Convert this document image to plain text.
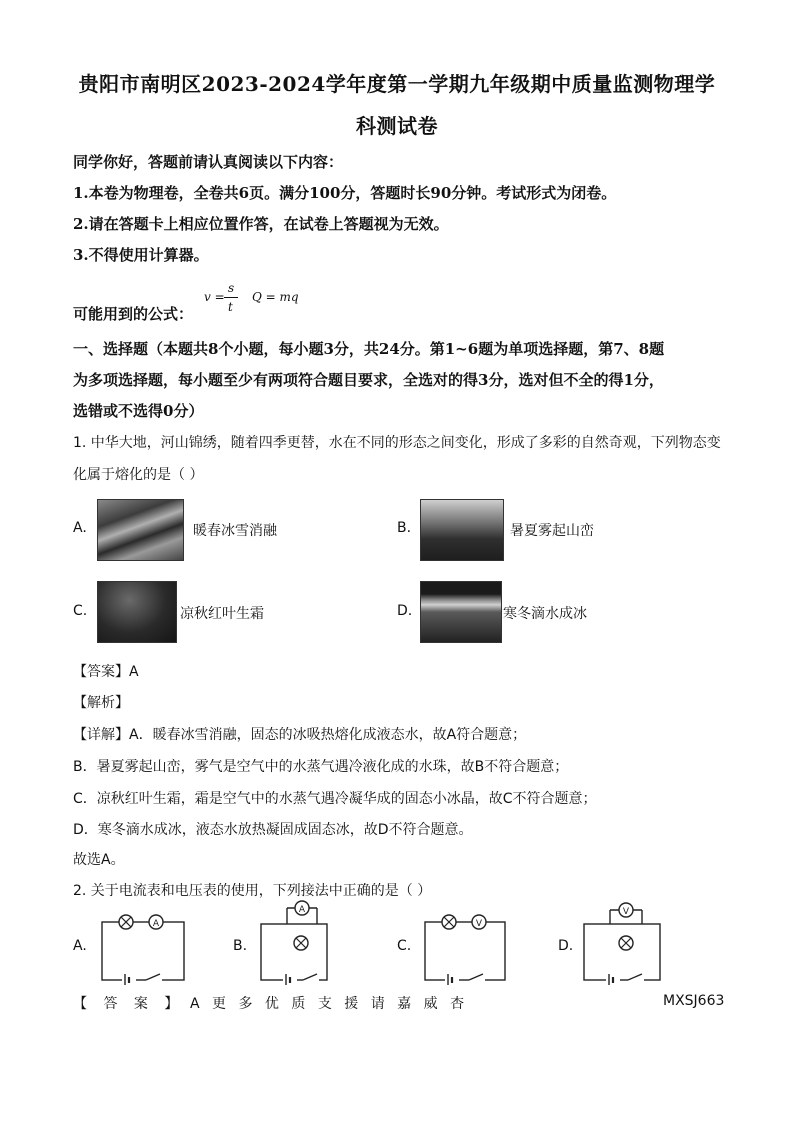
贵阳市南明区2023-2024学年度第一学期九年级期中质量监测物理学
科测试卷
同学你好，答题前请认真阅读以下内容：
1.本卷为物理卷，全卷共6页。满分100分，答题时长90分钟。考试形式为闭卷。
2.请在答题卡上相应位置作答，在试卷上答题视为无效。
3.不得使用计算器。
可能用到的公式：
v =
s
t
Q = mq
一、选择题（本题共8个小题，每小题3分，共24分。第1~6题为单项选择题，第7、8题
为多项选择题，每小题至少有两项符合题目要求，全选对的得3分，选对但不全的得1分，
选错或不选得0分）
1. 中华大地，河山锦绣，随着四季更替，水在不同的形态之间变化，形成了多彩的自然奇观，下列物态变
化属于熔化的是（ ）
A.	暖春冰雪消融	B.	暑夏雾起山峦
C.	凉秋红叶生霜	D.	寒冬滴水成冰
【答案】A
【解析】
【详解】A．暖春冰雪消融，固态的冰吸热熔化成液态水，故A符合题意；
B．暑夏雾起山峦，雾气是空气中的水蒸气遇冷液化成的水珠，故B不符合题意；
C．凉秋红叶生霜，霜是空气中的水蒸气遇冷凝华成的固态小冰晶，故C不符合题意；
D．寒冬滴水成冰，液态水放热凝固成固态冰，故D不符合题意。
故选A。
2. 关于电流表和电压表的使用，下列接法中正确的是（ ）
A.
A
B.
A
C.
V
D.
V
【 答 案 】 A 更 多 优 质 支 援 请 嘉 威 杏	MXSJ663
